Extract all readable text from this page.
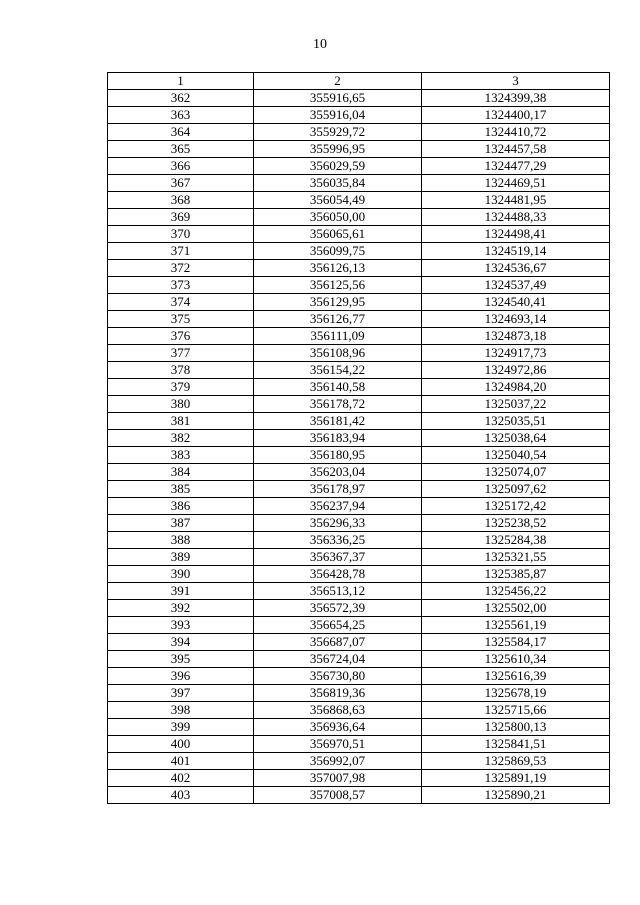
10
1	2	3
362	355916,65	1324399,38
363	355916,04	1324400,17
364	355929,72	1324410,72
365	355996,95	1324457,58
366	356029,59	1324477,29
367	356035,84	1324469,51
368	356054,49	1324481,95
369	356050,00	1324488,33
370	356065,61	1324498,41
371	356099,75	1324519,14
372	356126,13	1324536,67
373	356125,56	1324537,49
374	356129,95	1324540,41
375	356126,77	1324693,14
376	356111,09	1324873,18
377	356108,96	1324917,73
378	356154,22	1324972,86
379	356140,58	1324984,20
380	356178,72	1325037,22
381	356181,42	1325035,51
382	356183,94	1325038,64
383	356180,95	1325040,54
384	356203,04	1325074,07
385	356178,97	1325097,62
386	356237,94	1325172,42
387	356296,33	1325238,52
388	356336,25	1325284,38
389	356367,37	1325321,55
390	356428,78	1325385,87
391	356513,12	1325456,22
392	356572,39	1325502,00
393	356654,25	1325561,19
394	356687,07	1325584,17
395	356724,04	1325610,34
396	356730,80	1325616,39
397	356819,36	1325678,19
398	356868,63	1325715,66
399	356936,64	1325800,13
400	356970,51	1325841,51
401	356992,07	1325869,53
402	357007,98	1325891,19
403	357008,57	1325890,21
